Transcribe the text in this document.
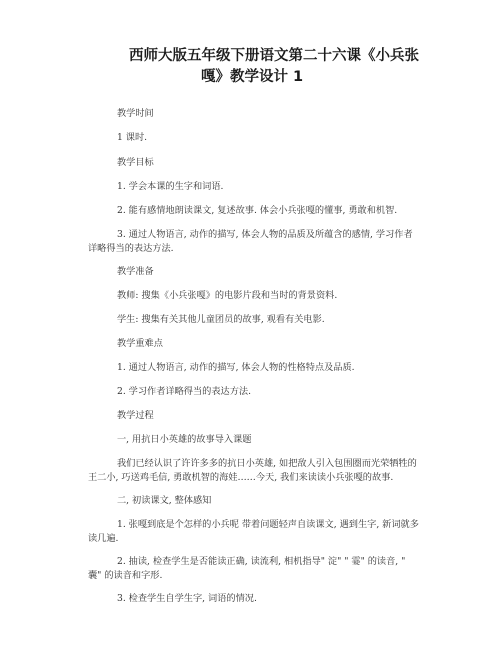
西师大版五年级下册语文第二十六课《小兵张
嘎》教学设计 1
教学时间
1 课时.
教学目标
1. 学会本课的生字和词语.
2. 能有感情地朗读课文, 复述故事. 体会小兵张嘎的懂事, 勇敢和机智.
3. 通过人物语言, 动作的描写, 体会人物的品质及所蕴含的感情, 学习作者详略得当的表达方法.
教学准备
教师: 搜集《小兵张嘎》的电影片段和当时的背景资料.
学生: 搜集有关其他儿童团员的故事, 观看有关电影.
教学重难点
1. 通过人物语言, 动作的描写, 体会人物的性格特点及品质.
2. 学习作者详略得当的表达方法.
教学过程
一, 用抗日小英雄的故事导入课题
我们已经认识了许许多多的抗日小英雄, 如把敌人引入包围圈而光荣牺牲的王二小, 巧送鸡毛信, 勇敢机智的海娃……今天, 我们来读读小兵张嘎的故事.
二, 初读课文, 整体感知
1. 张嘎到底是个怎样的小兵呢 带着问题轻声自读课文, 遇到生字, 新词就多读几遍.
2. 抽读, 检查学生是否能读正确, 读流利, 相机指导" 淀" " 霎" 的读音, " 囊" 的读音和字形.
3. 检查学生自学生字, 词语的情况.
